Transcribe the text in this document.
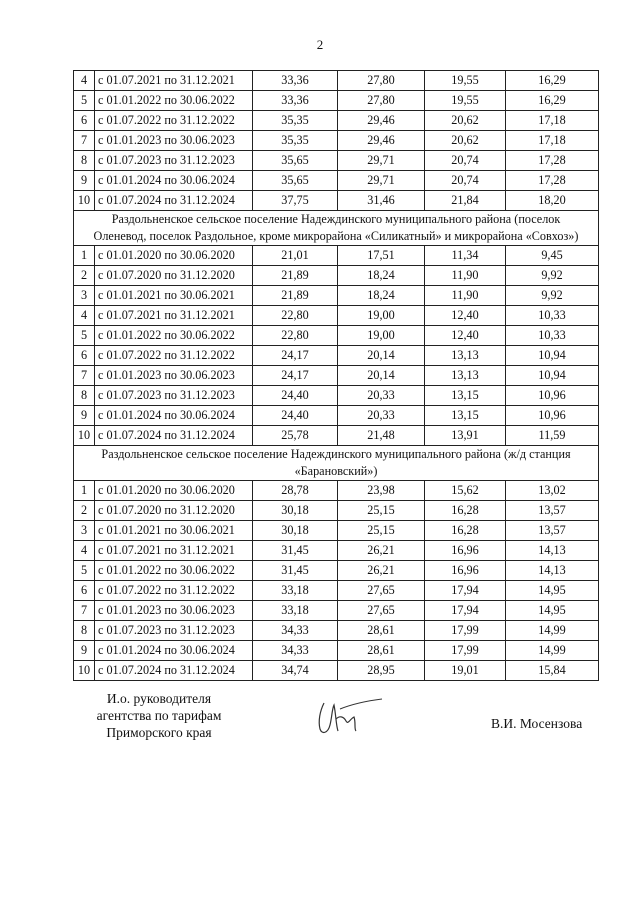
2
4	с 01.07.2021 по 31.12.2021	33,36	27,80	19,55	16,29
5	с 01.01.2022 по 30.06.2022	33,36	27,80	19,55	16,29
6	с 01.07.2022 по 31.12.2022	35,35	29,46	20,62	17,18
7	с 01.01.2023 по 30.06.2023	35,35	29,46	20,62	17,18
8	с 01.07.2023 по 31.12.2023	35,65	29,71	20,74	17,28
9	с 01.01.2024 по 30.06.2024	35,65	29,71	20,74	17,28
10	с 01.07.2024 по 31.12.2024	37,75	31,46	21,84	18,20

Раздольненское сельское поселение Надеждинского муниципального района (поселок
Оленевод, поселок Раздольное, кроме микрорайона «Силикатный» и микрорайона «Совхоз»)					

1	с 01.01.2020 по 30.06.2020	21,01	17,51	11,34	9,45
2	с 01.07.2020 по 31.12.2020	21,89	18,24	11,90	9,92
3	с 01.01.2021 по 30.06.2021	21,89	18,24	11,90	9,92
4	с 01.07.2021 по 31.12.2021	22,80	19,00	12,40	10,33
5	с 01.01.2022 по 30.06.2022	22,80	19,00	12,40	10,33
6	с 01.07.2022 по 31.12.2022	24,17	20,14	13,13	10,94
7	с 01.01.2023 по 30.06.2023	24,17	20,14	13,13	10,94
8	с 01.07.2023 по 31.12.2023	24,40	20,33	13,15	10,96
9	с 01.01.2024 по 30.06.2024	24,40	20,33	13,15	10,96
10	с 01.07.2024 по 31.12.2024	25,78	21,48	13,91	11,59

Раздольненское сельское поселение Надеждинского муниципального района (ж/д станция
«Барановский»)					

1	с 01.01.2020 по 30.06.2020	28,78	23,98	15,62	13,02
2	с 01.07.2020 по 31.12.2020	30,18	25,15	16,28	13,57
3	с 01.01.2021 по 30.06.2021	30,18	25,15	16,28	13,57
4	с 01.07.2021 по 31.12.2021	31,45	26,21	16,96	14,13
5	с 01.01.2022 по 30.06.2022	31,45	26,21	16,96	14,13
6	с 01.07.2022 по 31.12.2022	33,18	27,65	17,94	14,95
7	с 01.01.2023 по 30.06.2023	33,18	27,65	17,94	14,95
8	с 01.07.2023 по 31.12.2023	34,33	28,61	17,99	14,99
9	с 01.01.2024 по 30.06.2024	34,33	28,61	17,99	14,99
10	с 01.07.2024 по 31.12.2024	34,74	28,95	19,01	15,84
И.о. руководителя
агентства по тарифам
Приморского края
В.И. Мосензова
